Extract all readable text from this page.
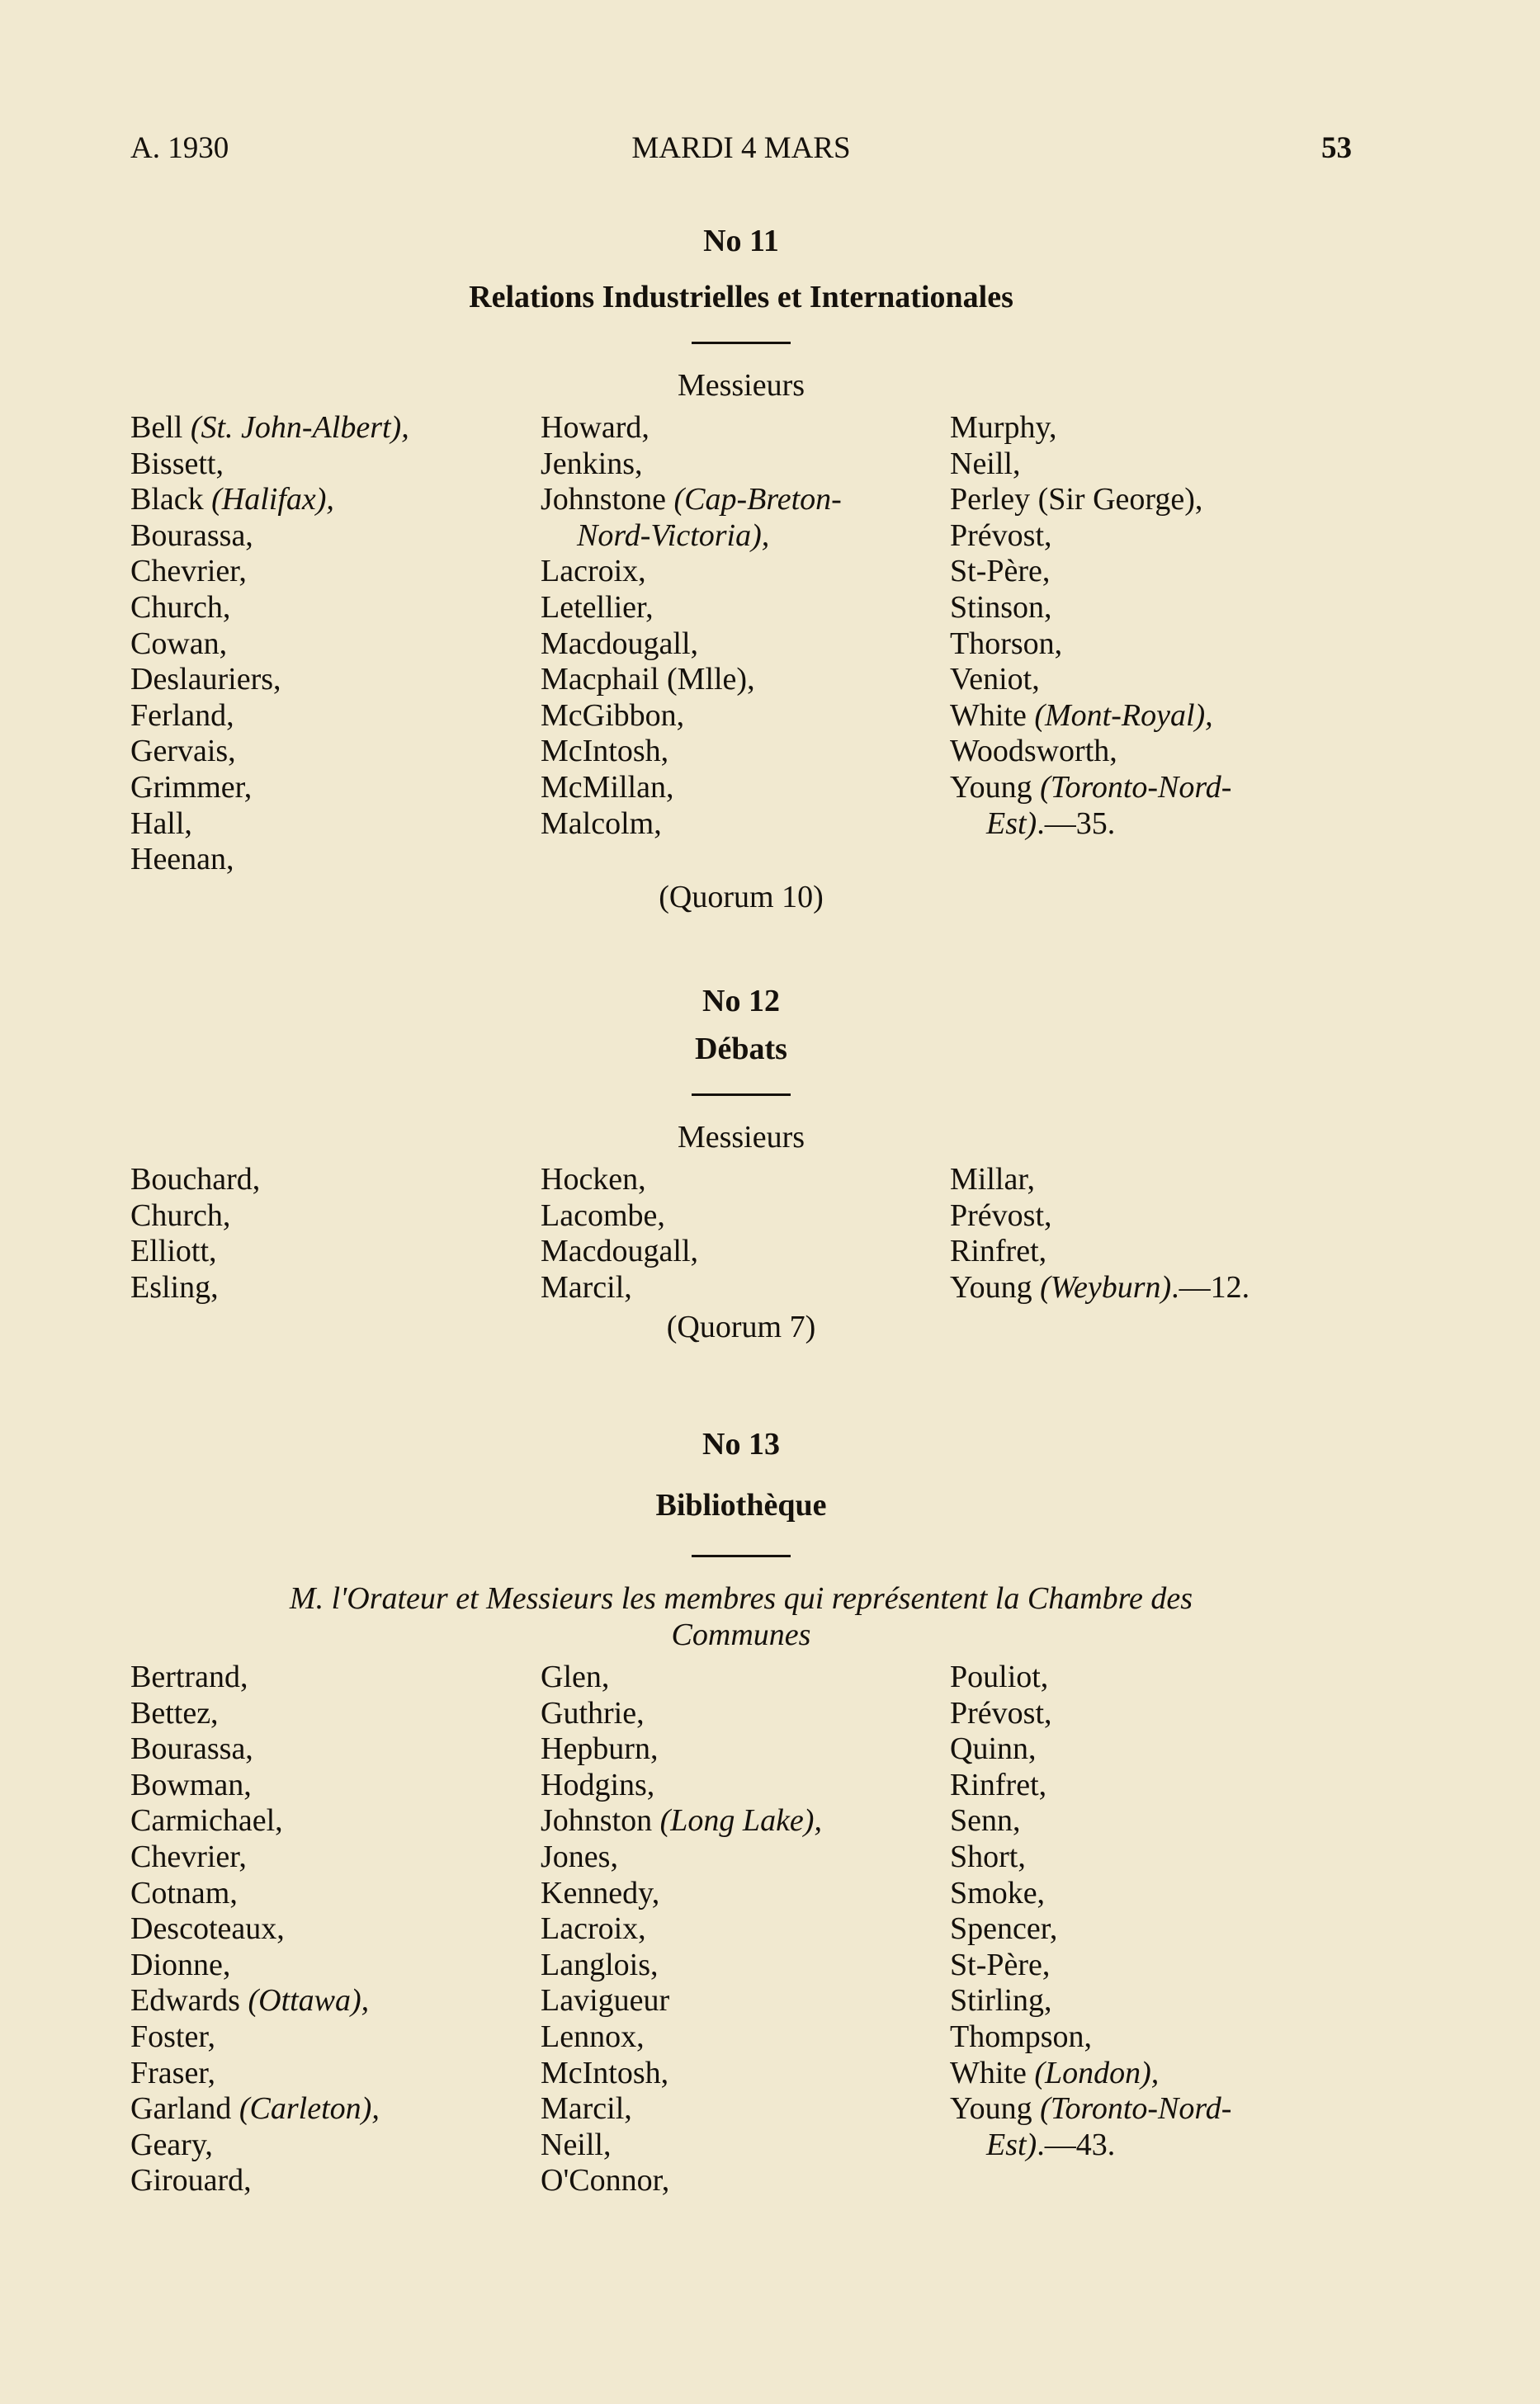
A. 1930	MARDI 4 MARS	53
No 11
Relations Industrielles et Internationales
Messieurs
Bell (St. John-Albert),
Bissett,
Black (Halifax),
Bourassa,
Chevrier,
Church,
Cowan,
Deslauriers,
Ferland,
Gervais,
Grimmer,
Hall,
Heenan,
Howard,
Jenkins,
Johnstone (Cap-Breton-
Nord-Victoria),
Lacroix,
Letellier,
Macdougall,
Macphail (Mlle),
McGibbon,
McIntosh,
McMillan,
Malcolm,
Murphy,
Neill,
Perley (Sir George),
Prévost,
St-Père,
Stinson,
Thorson,
Veniot,
White (Mont-Royal),
Woodsworth,
Young (Toronto-Nord-
Est).—35.
(Quorum 10)
No 12
Débats
Messieurs
Bouchard,
Church,
Elliott,
Esling,
Hocken,
Lacombe,
Macdougall,
Marcil,
Millar,
Prévost,
Rinfret,
Young (Weyburn).—12.
(Quorum 7)
No 13
Bibliothèque
M. l'Orateur et Messieurs les membres qui représentent la Chambre des
Communes
Bertrand,
Bettez,
Bourassa,
Bowman,
Carmichael,
Chevrier,
Cotnam,
Descoteaux,
Dionne,
Edwards (Ottawa),
Foster,
Fraser,
Garland (Carleton),
Geary,
Girouard,
Glen,
Guthrie,
Hepburn,
Hodgins,
Johnston (Long Lake),
Jones,
Kennedy,
Lacroix,
Langlois,
Lavigueur
Lennox,
McIntosh,
Marcil,
Neill,
O'Connor,
Pouliot,
Prévost,
Quinn,
Rinfret,
Senn,
Short,
Smoke,
Spencer,
St-Père,
Stirling,
Thompson,
White (London),
Young (Toronto-Nord-
Est).—43.
